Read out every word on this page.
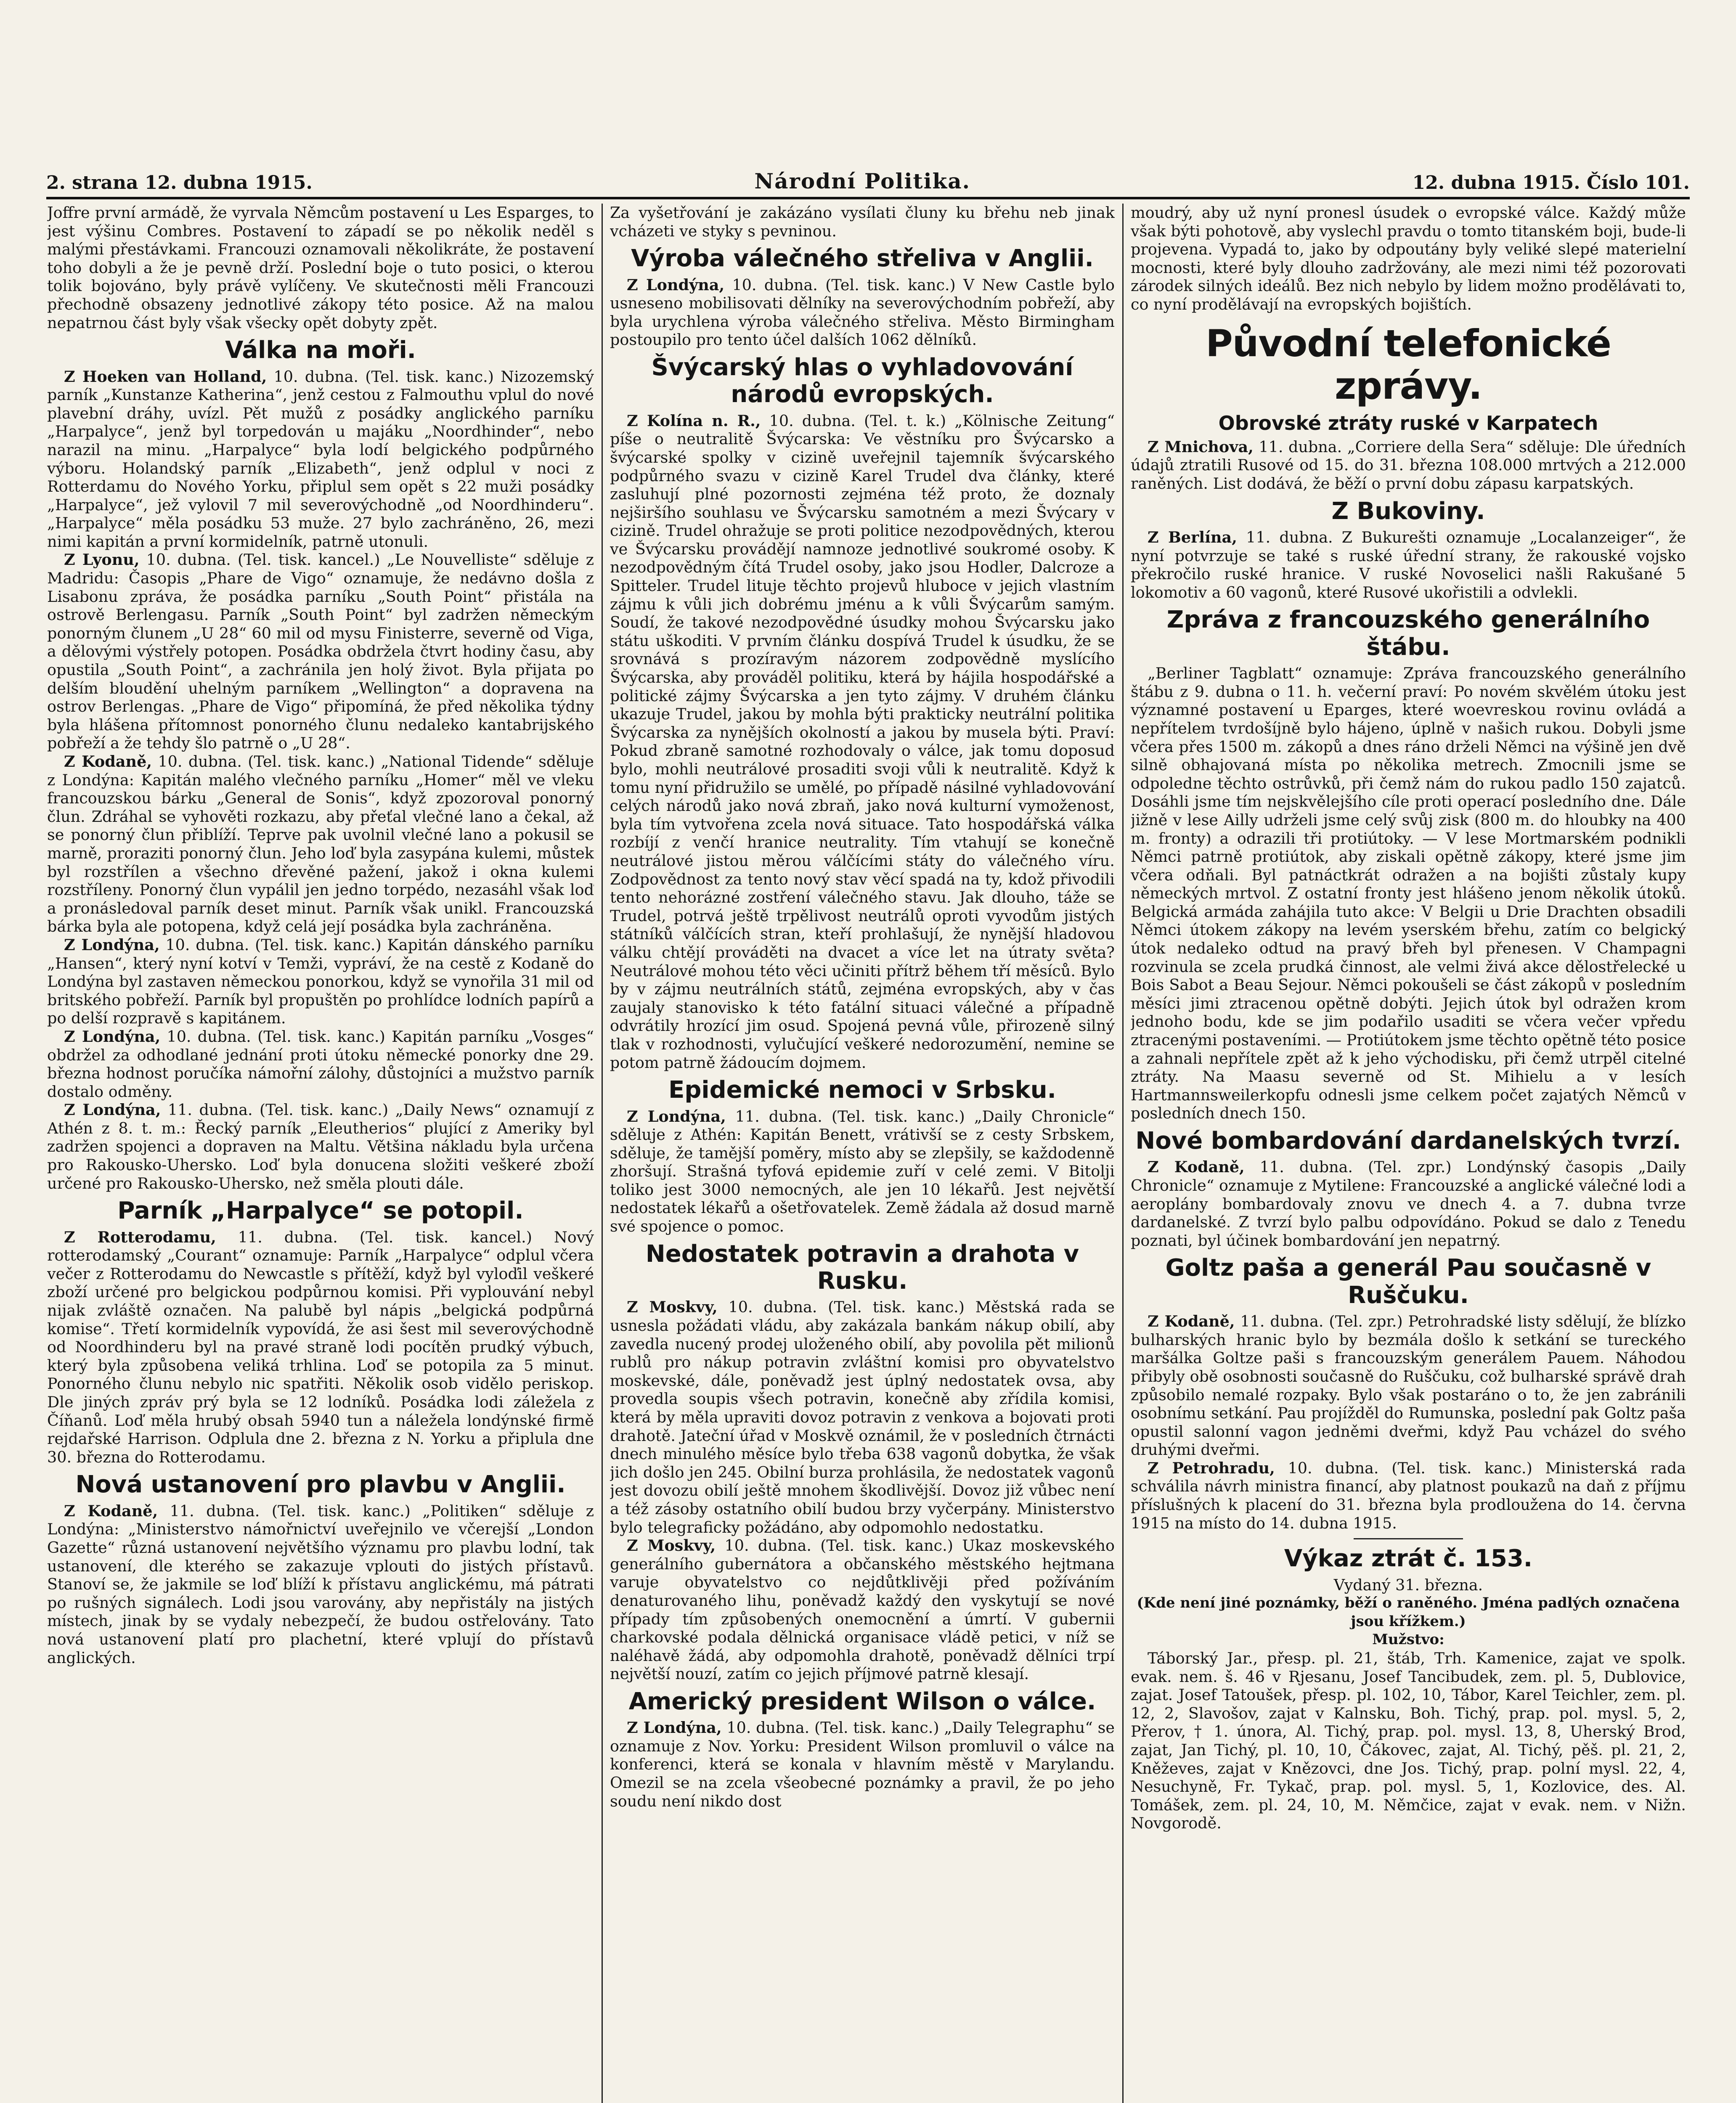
2. strana 12. dubna 1915.	Národní Politika.	12. dubna 1915. Číslo 101.

Joffre první armádě, že vyrvala Němcům postavení u Les Esparges, to jest výšinu Combres. Postavení to západí se po několik neděl s malými přestávkami. Francouzi oznamovali několikráte, že postavení toho dobyli a že je pevně drží. Poslední boje o tuto posici, o kterou tolik bojováno, byly právě vylíčeny. Ve skutečnosti měli Francouzi přechodně obsazeny jednotlivé zákopy této posice. Až na malou nepatrnou část byly však všecky opět dobyty zpět.

Válka na moři.

Z Hoeken van Holland, 10. dubna. (Tel. tisk. kanc.) Nizozemský parník „Kunstanze Katherina“, jenž cestou z Falmouthu vplul do nové plavební dráhy, uvízl. Pět mužů z posádky anglického parníku „Harpalyce“, jenž byl torpedován u majáku „Noordhinder“, nebo narazil na minu. „Harpalyce“ byla lodí belgického podpůrného výboru. Holandský parník „Elizabeth“, jenž odplul v noci z Rotterdamu do Nového Yorku, připlul sem opět s 22 muži posádky „Harpalyce“, jež vylovil 7 mil severovýchodně „od Noordhinderu“. „Harpalyce“ měla posádku 53 muže. 27 bylo zachráněno, 26, mezi nimi kapitán a první kormidelník, patrně utonuli.

Z Lyonu, 10. dubna. (Tel. tisk. kancel.) „Le Nouvelliste“ sděluje z Madridu: Časopis „Phare de Vigo“ oznamuje, že nedávno došla z Lisabonu zpráva, že posádka parníku „South Point“ přistála na ostrově Berlengasu. Parník „South Point“ byl zadržen německým ponorným člunem „U 28“ 60 mil od mysu Finisterre, severně od Viga, a dělovými výstřely potopen. Posádka obdržela čtvrt hodiny času, aby opustila „South Point“, a zachránila jen holý život. Byla přijata po delším bloudění uhelným parníkem „Wellington“ a dopravena na ostrov Berlengas. „Phare de Vigo“ připomíná, že před několika týdny byla hlášena přítomnost ponorného člunu nedaleko kantabrijského pobřeží a že tehdy šlo patrně o „U 28“.

Z Kodaně, 10. dubna. (Tel. tisk. kanc.) „National Tidende“ sděluje z Londýna: Kapitán malého vlečného parníku „Homer“ měl ve vleku francouzskou bárku „General de Sonis“, když zpozoroval ponorný člun. Zdráhal se vyhověti rozkazu, aby přeťal vlečné lano a čekal, až se ponorný člun přiblíží. Teprve pak uvolnil vlečné lano a pokusil se marně, proraziti ponorný člun. Jeho loď byla zasypána kulemi, můstek byl rozstřílen a všechno dřevěné pažení, jakož i okna kulemi rozstříleny. Ponorný člun vypálil jen jedno torpédo, nezasáhl však loď a pronásledoval parník deset minut. Parník však unikl. Francouzská bárka byla ale potopena, když celá její posádka byla zachráněna.

Z Londýna, 10. dubna. (Tel. tisk. kanc.) Kapitán dánského parníku „Hansen“, který nyní kotví v Temži, vypráví, že na cestě z Kodaně do Londýna byl zastaven německou ponorkou, když se vynořila 31 mil od britského pobřeží. Parník byl propuštěn po prohlídce lodních papírů a po delší rozpravě s kapitánem.

Z Londýna, 10. dubna. (Tel. tisk. kanc.) Kapitán parníku „Vosges“ obdržel za odhodlané jednání proti útoku německé ponorky dne 29. března hodnost poručíka námořní zálohy, důstojníci a mužstvo parník dostalo odměny.

Z Londýna, 11. dubna. (Tel. tisk. kanc.) „Daily News“ oznamují z Athén z 8. t. m.: Řecký parník „Eleutherios“ plující z Ameriky byl zadržen spojenci a dopraven na Maltu. Většina nákladu byla určena pro Rakousko-Uhersko. Loď byla donucena složiti veškeré zboží určené pro Rakousko-Uhersko, než směla plouti dále.

Parník „Harpalyce“ se potopil.

Z Rotterodamu, 11. dubna. (Tel. tisk. kancel.) Nový rotterodamský „Courant“ oznamuje: Parník „Harpalyce“ odplul včera večer z Rotterodamu do Newcastle s přítěží, když byl vyloďil veškeré zboží určené pro belgickou podpůrnou komisi. Při vyplouvání nebyl nijak zvláště označen. Na palubě byl nápis „belgická podpůrná komise“. Třetí kormidelník vypovídá, že asi šest mil severovýchodně od Noordhinderu byl na pravé straně lodi pocítěn prudký výbuch, který byla způsobena veliká trhlina. Loď se potopila za 5 minut. Ponorného člunu nebylo nic spatřiti. Několik osob vidělo periskop. Dle jiných zpráv prý byla se 12 lodníků. Posádka lodi záležela z Číňanů. Loď měla hrubý obsah 5940 tun a náležela londýnské firmě rejdařské Harrison. Odplula dne 2. března z N. Yorku a připlula dne 30. března do Rotterodamu.

Nová ustanovení pro plavbu v Anglii.

Z Kodaně, 11. dubna. (Tel. tisk. kanc.) „Politiken“ sděluje z Londýna: „Ministerstvo námořnictví uveřejnilo ve včerejší „London Gazette“ různá ustanovení největšího významu pro plavbu lodní, tak ustanovení, dle kterého se zakazuje vplouti do jistých přístavů. Stanoví se, že jakmile se loď blíží k přístavu anglickému, má pátrati po rušných signálech. Lodi jsou varovány, aby nepřistály na jistých místech, jinak by se vydaly nebezpečí, že budou ostřelovány. Tato nová ustanovení platí pro plachetní, které vplují do přístavů anglických.

Za vyšetřování je zakázáno vysílati čluny ku břehu neb jinak vcházeti ve styky s pevninou.

Výroba válečného střeliva v Anglii.

Z Londýna, 10. dubna. (Tel. tisk. kanc.) V New Castle bylo usneseno mobilisovati dělníky na severovýchodním pobřeží, aby byla urychlena výroba válečného střeliva. Město Birmingham postoupilo pro tento účel dalších 1062 dělníků.

Švýcarský hlas o vyhladovování národů evropských.

Z Kolína n. R., 10. dubna. (Tel. t. k.) „Kölnische Zeitung“ píše o neutralitě Švýcarska: Ve věstníku pro Švýcarsko a švýcarské spolky v cizině uveřejnil tajemník švýcarského podpůrného svazu v cizině Karel Trudel dva články, které zasluhují plné pozornosti zejména též proto, že doznaly nejširšího souhlasu ve Švýcarsku samotném a mezi Švýcary v cizině. Trudel ohražuje se proti politice nezodpovědných, kterou ve Švýcarsku provádějí namnoze jednotlivé soukromé osoby. K nezodpovědným čítá Trudel osoby, jako jsou Hodler, Dalcroze a Spitteler. Trudel lituje těchto projevů hluboce v jejich vlastním zájmu k vůli jich dobrému jménu a k vůli Švýcarům samým. Soudí, že takové nezodpovědné úsudky mohou Švýcarsku jako státu uškoditi. V prvním článku dospívá Trudel k úsudku, že se srovnává s prozíravým názorem zodpovědně myslícího Švýcarska, aby prováděl politiku, která by hájila hospodářské a politické zájmy Švýcarska a jen tyto zájmy. V druhém článku ukazuje Trudel, jakou by mohla býti prakticky neutrální politika Švýcarska za nynějších okolností a jakou by musela býti. Praví: Pokud zbraně samotné rozhodovaly o válce, jak tomu doposud bylo, mohli neutrálové prosaditi svoji vůli k neutralitě. Když k tomu nyní přidružilo se umělé, po případě násilné vyhladovování celých národů jako nová zbraň, jako nová kulturní vymoženost, byla tím vytvořena zcela nová situace. Tato hospodářská válka rozbíjí z venčí hranice neutrality. Tím vtahují se konečně neutrálové jistou měrou válčícími státy do válečného víru. Zodpovědnost za tento nový stav věcí spadá na ty, kdož přivodili tento nehorázné zostření válečného stavu. Jak dlouho, táže se Trudel, potrvá ještě trpělivost neutrálů oproti vyvodům jistých státníků válčících stran, kteří prohlašují, že nynější hladovou válku chtějí prováděti na dvacet a více let na útraty světa? Neutrálové mohou této věci učiniti přítrž během tří měsíců. Bylo by v zájmu neutrálních států, zejména evropských, aby v čas zaujaly stanovisko k této fatální situaci válečné a případně odvrátily hrozící jim osud. Spojená pevná vůle, přirozeně silný tlak v rozhodnosti, vylučující veškeré nedorozumění, nemine se potom patrně žádoucím dojmem.

Epidemické nemoci v Srbsku.

Z Londýna, 11. dubna. (Tel. tisk. kanc.) „Daily Chronicle“ sděluje z Athén: Kapitán Benett, vrátivší se z cesty Srbskem, sděluje, že tamější poměry, místo aby se zlepšily, se každodenně zhoršují. Strašná tyfová epidemie zuří v celé zemi. V Bitolji toliko jest 3000 nemocných, ale jen 10 lékařů. Jest největší nedostatek lékařů a ošetřovatelek. Země žádala až dosud marně své spojence o pomoc.

Nedostatek potravin a drahota v Rusku.

Z Moskvy, 10. dubna. (Tel. tisk. kanc.) Městská rada se usnesla požádati vládu, aby zakázala bankám nákup obilí, aby zavedla nucený prodej uloženého obilí, aby povolila pět milionů rublů pro nákup potravin zvláštní komisi pro obyvatelstvo moskevské, dále, poněvadž jest úplný nedostatek ovsa, aby provedla soupis všech potravin, konečně aby zřídila komisi, která by měla upraviti dovoz potravin z venkova a bojovati proti drahotě. Jateční úřad v Moskvě oznámil, že v posledních čtrnácti dnech minulého měsíce bylo třeba 638 vagonů dobytka, že však jich došlo jen 245. Obilní burza prohlásila, že nedostatek vagonů jest dovozu obilí ještě mnohem škodlivější. Dovoz již vůbec není a též zásoby ostatního obilí budou brzy vyčerpány. Ministerstvo bylo telegraficky požádáno, aby odpomohlo nedostatku.

Z Moskvy, 10. dubna. (Tel. tisk. kanc.) Ukaz moskevského generálního gubernátora a občanského městského hejtmana varuje obyvatelstvo co nejdůtklivěji před požíváním denaturovaného lihu, poněvadž každý den vyskytují se nové případy tím způsobených onemocnění a úmrtí. V gubernii charkovské podala dělnická organisace vládě petici, v níž se naléhavě žádá, aby odpomohla drahotě, poněvadž dělníci trpí největší nouzí, zatím co jejich příjmové patrně klesají.

Americký president Wilson o válce.

Z Londýna, 10. dubna. (Tel. tisk. kanc.) „Daily Telegraphu“ se oznamuje z Nov. Yorku: President Wilson promluvil o válce na konferenci, která se konala v hlavním městě v Marylandu. Omezil se na zcela všeobecné poznámky a pravil, že po jeho soudu není nikdo dost

moudrý, aby už nyní pronesl úsudek o evropské válce. Každý může však býti pohotově, aby vyslechl pravdu o tomto titanském boji, bude-li projevena. Vypadá to, jako by odpoutány byly veliké slepé materielní mocnosti, které byly dlouho zadržovány, ale mezi nimi též pozorovati zárodek silných ideálů. Bez nich nebylo by lidem možno prodělávati to, co nyní prodělávají na evropských bojištích.

Původní telefonické zprávy.
Obrovské ztráty ruské v Karpatech

Z Mnichova, 11. dubna. „Corriere della Sera“ sděluje: Dle úředních údajů ztratili Rusové od 15. do 31. března 108.000 mrtvých a 212.000 raněných. List dodává, že běží o první dobu zápasu karpatských.

Z Bukoviny.

Z Berlína, 11. dubna. Z Bukurešti oznamuje „Localanzeiger“, že nyní potvrzuje se také s ruské úřední strany, že rakouské vojsko překročilo ruské hranice. V ruské Novoselici našli Rakušané 5 lokomotiv a 60 vagonů, které Rusové ukořistili a odvlekli.

Zpráva z francouzského generálního štábu.

„Berliner Tagblatt“ oznamuje: Zpráva francouzského generálního štábu z 9. dubna o 11. h. večerní praví: Po novém skvělém útoku jest významné postavení u Eparges, které woevreskou rovinu ovládá a nepřítelem tvrdošíjně bylo hájeno, úplně v našich rukou. Dobyli jsme včera přes 1500 m. zákopů a dnes ráno drželi Němci na výšině jen dvě silně obhajovaná místa po několika metrech. Zmocnili jsme se odpoledne těchto ostrůvků, při čemž nám do rukou padlo 150 zajatců. Dosáhli jsme tím nejskvělejšího cíle proti operací posledního dne. Dále jižně v lese Ailly udrželi jsme celý svůj zisk (800 m. do hloubky na 400 m. fronty) a odrazili tři protiútoky. — V lese Mortmarském podnikli Němci patrně protiútok, aby ziskali opětně zákopy, které jsme jim včera odňali. Byl patnáctkrát odražen a na bojišti zůstaly kupy německých mrtvol. Z ostatní fronty jest hlášeno jenom několik útoků. Belgická armáda zahájila tuto akce: V Belgii u Drie Drachten obsadili Němci útokem zákopy na levém yserském břehu, zatím co belgický útok nedaleko odtud na pravý břeh byl přenesen. V Champagni rozvinula se zcela prudká činnost, ale velmi živá akce dělostřelecké u Bois Sabot a Beau Sejour. Němci pokoušeli se část zákopů v posledním měsíci jimi ztracenou opětně dobýti. Jejich útok byl odražen krom jednoho bodu, kde se jim podařilo usaditi se včera večer vpředu ztracenými postaveními. — Protiútokem jsme těchto opětně této posice a zahnali nepřítele zpět až k jeho východisku, při čemž utrpěl citelné ztráty. Na Maasu severně od St. Mihielu a v lesích Hartmannsweilerkopfu odnesli jsme celkem počet zajatých Němců v posledních dnech 150.

Nové bombardování dardanelských tvrzí.

Z Kodaně, 11. dubna. (Tel. zpr.) Londýnský časopis „Daily Chronicle“ oznamuje z Mytilene: Francouzské a anglické válečné lodi a aeroplány bombardovaly znovu ve dnech 4. a 7. dubna tvrze dardanelské. Z tvrzí bylo palbu odpovídáno. Pokud se dalo z Tenedu poznati, byl účinek bombardování jen nepatrný.

Goltz paša a generál Pau současně v Ruščuku.

Z Kodaně, 11. dubna. (Tel. zpr.) Petrohradské listy sdělují, že blízko bulharských hranic bylo by bezmála došlo k setkání se tureckého maršálka Goltze paši s francouzským generálem Pauem. Náhodou přibyly obě osobnosti současně do Ruščuku, což bulharské správě drah způsobilo nemalé rozpaky. Bylo však postaráno o to, že jen zabránili osobnímu setkání. Pau projížděl do Rumunska, poslední pak Goltz paša opustil salonní vagon jedněmi dveřmi, když Pau vcházel do svého druhými dveřmi.

Z Petrohradu, 10. dubna. (Tel. tisk. kanc.) Ministerská rada schválila návrh ministra financí, aby platnost poukazů na daň z příjmu příslušných k placení do 31. března byla prodloužena do 14. června 1915 na místo do 14. dubna 1915.

Výkaz ztrát č. 153.

Vydaný 31. března.

(Kde není jiné poznámky, běží o raněného. Jména padlých označena jsou křížkem.)

Mužstvo:

Táborský Jar., přesp. pl. 21, štáb, Trh. Kamenice, zajat ve spolk. evak. nem. š. 46 v Rjesanu, Josef Tancibudek, zem. pl. 5, Dublovice, zajat. Josef Tatoušek, přesp. pl. 102, 10, Tábor, Karel Teichler, zem. pl. 12, 2, Slavošov, zajat v Kalnsku, Boh. Tichý, prap. pol. mysl. 5, 2, Přerov, † 1. února, Al. Tichý, prap. pol. mysl. 13, 8, Uherský Brod, zajat, Jan Tichý, pl. 10, 10, Čákovec, zajat, Al. Tichý, pěš. pl. 21, 2, Kněževes, zajat v Knězovci, dne Jos. Tichý, prap. polní mysl. 22, 4, Nesuchyně, Fr. Tykač, prap. pol. mysl. 5, 1, Kozlovice, des. Al. Tomášek, zem. pl. 24, 10, M. Němčice, zajat v evak. nem. v Nižn. Novgorodě.
